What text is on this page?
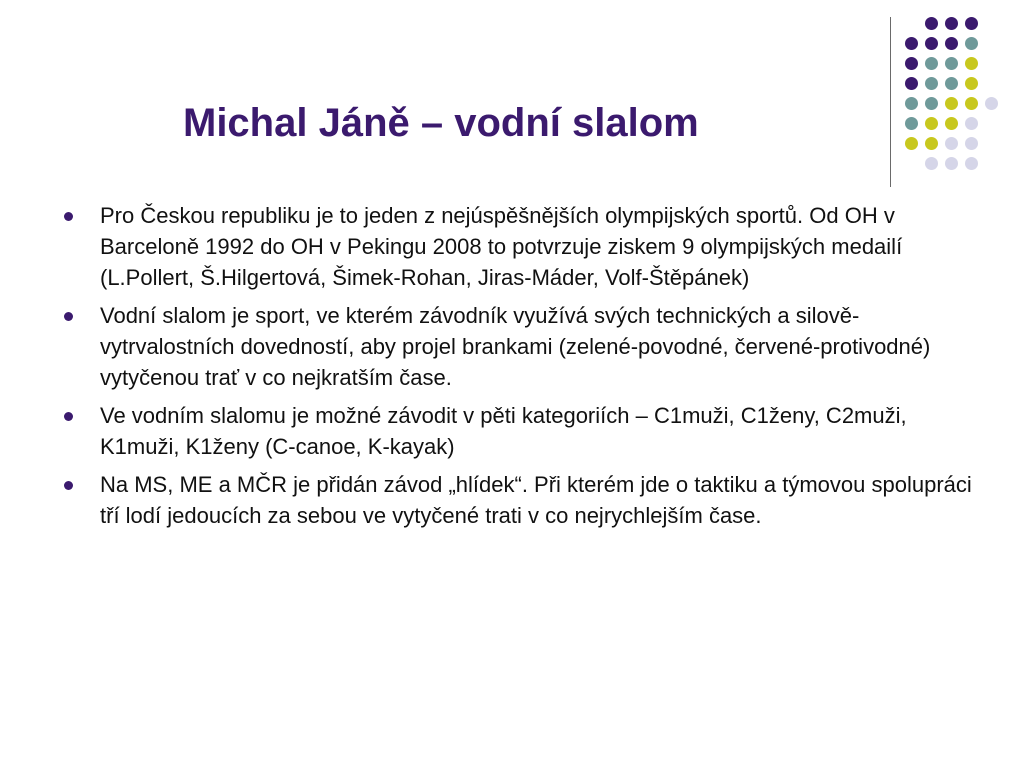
Michal Jáně – vodní slalom
Pro Českou republiku je to jeden z nejúspěšnějších olympijských sportů. Od OH v Barceloně 1992 do OH v Pekingu 2008 to potvrzuje ziskem 9 olympijských medailí (L.Pollert, Š.Hilgertová, Šimek-Rohan, Jiras-Máder, Volf-Štěpánek)
Vodní slalom je sport, ve kterém závodník využívá svých technických a silově-vytrvalostních dovedností, aby projel brankami (zelené-povodné, červené-protivodné) vytyčenou trať v co nejkratším čase.
Ve vodním slalomu je možné závodit v pěti kategoriích – C1muži, C1ženy, C2muži, K1muži, K1ženy (C-canoe, K-kayak)
Na MS, ME a MČR je přidán závod „hlídek“. Při kterém jde o taktiku a týmovou spolupráci tří lodí jedoucích za sebou ve vytyčené trati v co nejrychlejším čase.
